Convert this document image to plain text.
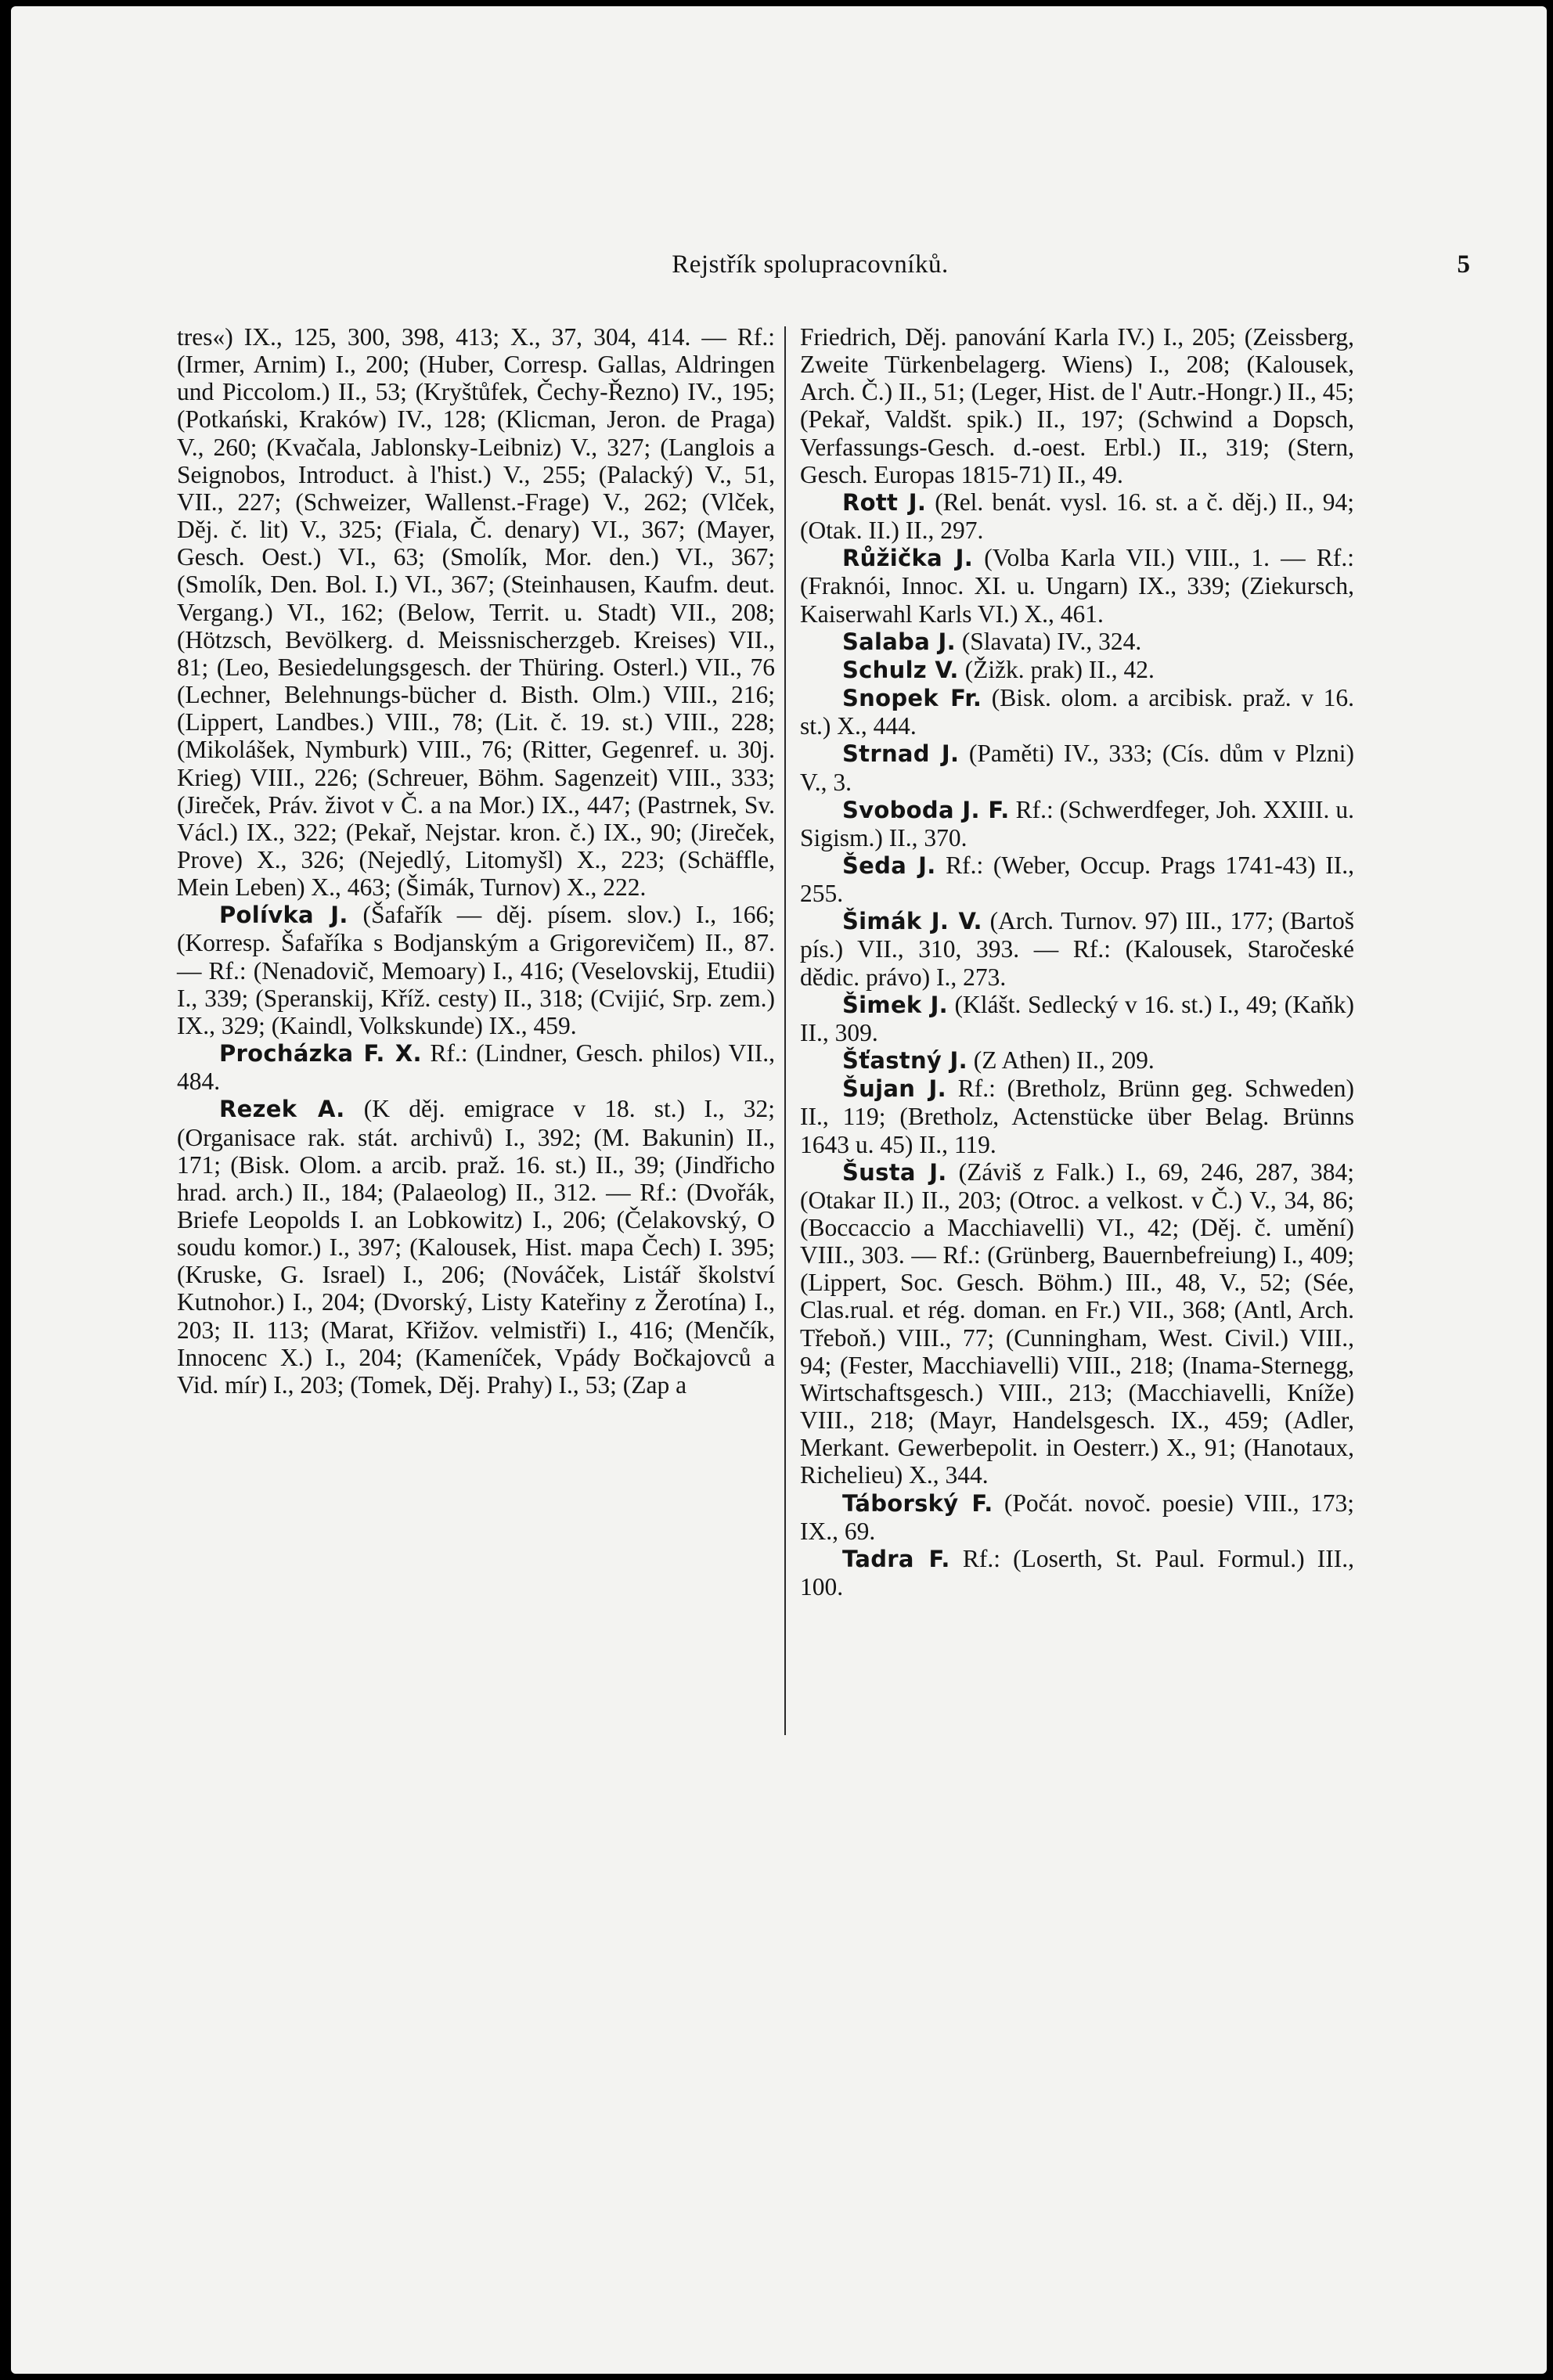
Rejstřík spolupracovníků.	5

tres«) IX., 125, 300, 398, 413; X., 37, 304, 414. — Rf.: (Irmer, Arnim) I., 200; (Huber, Corresp. Gallas, Aldringen und Piccolom.) II., 53; (Kryštůfek, Čechy-Řezno) IV., 195; (Potkański, Kraków) IV., 128; (Klicman, Jeron. de Praga) V., 260; (Kvačala, Jablonsky-Leibniz) V., 327; (Langlois a Seignobos, Introduct. à l'hist.) V., 255; (Palacký) V., 51, VII., 227; (Schweizer, Wallenst.-Frage) V., 262; (Vlček, Děj. č. lit) V., 325; (Fiala, Č. denary) VI., 367; (Mayer, Gesch. Oest.) VI., 63; (Smolík, Mor. den.) VI., 367; (Smolík, Den. Bol. I.) VI., 367; (Steinhausen, Kaufm. deut. Vergang.) VI., 162; (Below, Territ. u. Stadt) VII., 208; (Hötzsch, Bevölkerg. d. Meissnischerzgeb. Kreises) VII., 81; (Leo, Besiedelungsgesch. der Thüring. Osterl.) VII., 76 (Lechner, Belehnungs-bücher d. Bisth. Olm.) VIII., 216; (Lippert, Landbes.) VIII., 78; (Lit. č. 19. st.) VIII., 228; (Mikolášek, Nymburk) VIII., 76; (Ritter, Gegenref. u. 30j. Krieg) VIII., 226; (Schreuer, Böhm. Sagenzeit) VIII., 333; (Jireček, Práv. život v Č. a na Mor.) IX., 447; (Pastrnek, Sv. Václ.) IX., 322; (Pekař, Nejstar. kron. č.) IX., 90; (Jireček, Prove) X., 326; (Nejedlý, Litomyšl) X., 223; (Schäffle, Mein Leben) X., 463; (Šimák, Turnov) X., 222.

Polívka J. (Šafařík — děj. písem. slov.) I., 166; (Korresp. Šafaříka s Bodjanským a Grigorevičem) II., 87. — Rf.: (Nenadovič, Memoary) I., 416; (Veselovskij, Etudii) I., 339; (Speranskij, Kříž. cesty) II., 318; (Cvijić, Srp. zem.) IX., 329; (Kaindl, Volkskunde) IX., 459.

Procházka F. X. Rf.: (Lindner, Gesch. philos) VII., 484.

Rezek A. (K děj. emigrace v 18. st.) I., 32; (Organisace rak. stát. archivů) I., 392; (M. Bakunin) II., 171; (Bisk. Olom. a arcib. praž. 16. st.) II., 39; (Jindřicho hrad. arch.) II., 184; (Palaeolog) II., 312. — Rf.: (Dvořák, Briefe Leopolds I. an Lobkowitz) I., 206; (Čelakovský, O soudu komor.) I., 397; (Kalousek, Hist. mapa Čech) I. 395; (Kruske, G. Israel) I., 206; (Nováček, Listář školství Kutnohor.) I., 204; (Dvorský, Listy Kateřiny z Žerotína) I., 203; II. 113; (Marat, Křižov. velmistři) I., 416; (Menčík, Innocenc X.) I., 204; (Kameníček, Vpády Bočkajovců a Vid. mír) I., 203; (Tomek, Děj. Prahy) I., 53; (Zap a

Friedrich, Děj. panování Karla IV.) I., 205; (Zeissberg, Zweite Türkenbelagerg. Wiens) I., 208; (Kalousek, Arch. Č.) II., 51; (Leger, Hist. de l' Autr.-Hongr.) II., 45; (Pekař, Valdšt. spik.) II., 197; (Schwind a Dopsch, Verfassungs-Gesch. d.-oest. Erbl.) II., 319; (Stern, Gesch. Europas 1815-71) II., 49.

Rott J. (Rel. benát. vysl. 16. st. a č. děj.) II., 94; (Otak. II.) II., 297.

Růžička J. (Volba Karla VII.) VIII., 1. — Rf.: (Fraknói, Innoc. XI. u. Ungarn) IX., 339; (Ziekursch, Kaiserwahl Karls VI.) X., 461.

Salaba J. (Slavata) IV., 324.

Schulz V. (Žižk. prak) II., 42.

Snopek Fr. (Bisk. olom. a arcibisk. praž. v 16. st.) X., 444.

Strnad J. (Paměti) IV., 333; (Cís. dům v Plzni) V., 3.

Svoboda J. F. Rf.: (Schwerdfeger, Joh. XXIII. u. Sigism.) II., 370.

Šeda J. Rf.: (Weber, Occup. Prags 1741-43) II., 255.

Šimák J. V. (Arch. Turnov. 97) III., 177; (Bartoš pís.) VII., 310, 393. — Rf.: (Kalousek, Staročeské dědic. právo) I., 273.

Šimek J. (Klášt. Sedlecký v 16. st.) I., 49; (Kaňk) II., 309.

Šťastný J. (Z Athen) II., 209.

Šujan J. Rf.: (Bretholz, Brünn geg. Schweden) II., 119; (Bretholz, Actenstücke über Belag. Brünns 1643 u. 45) II., 119.

Šusta J. (Záviš z Falk.) I., 69, 246, 287, 384; (Otakar II.) II., 203; (Otroc. a velkost. v Č.) V., 34, 86; (Boccaccio a Macchiavelli) VI., 42; (Děj. č. umění) VIII., 303. — Rf.: (Grünberg, Bauernbefreiung) I., 409; (Lippert, Soc. Gesch. Böhm.) III., 48, V., 52; (Sée, Clas.rual. et rég. doman. en Fr.) VII., 368; (Antl, Arch. Třeboň.) VIII., 77; (Cunningham, West. Civil.) VIII., 94; (Fester, Macchiavelli) VIII., 218; (Inama-Sternegg, Wirtschaftsgesch.) VIII., 213; (Macchiavelli, Kníže) VIII., 218; (Mayr, Handelsgesch. IX., 459; (Adler, Merkant. Gewerbepolit. in Oesterr.) X., 91; (Hanotaux, Richelieu) X., 344.

Táborský F. (Počát. novoč. poesie) VIII., 173; IX., 69.

Tadra F. Rf.: (Loserth, St. Paul. Formul.) III., 100.
